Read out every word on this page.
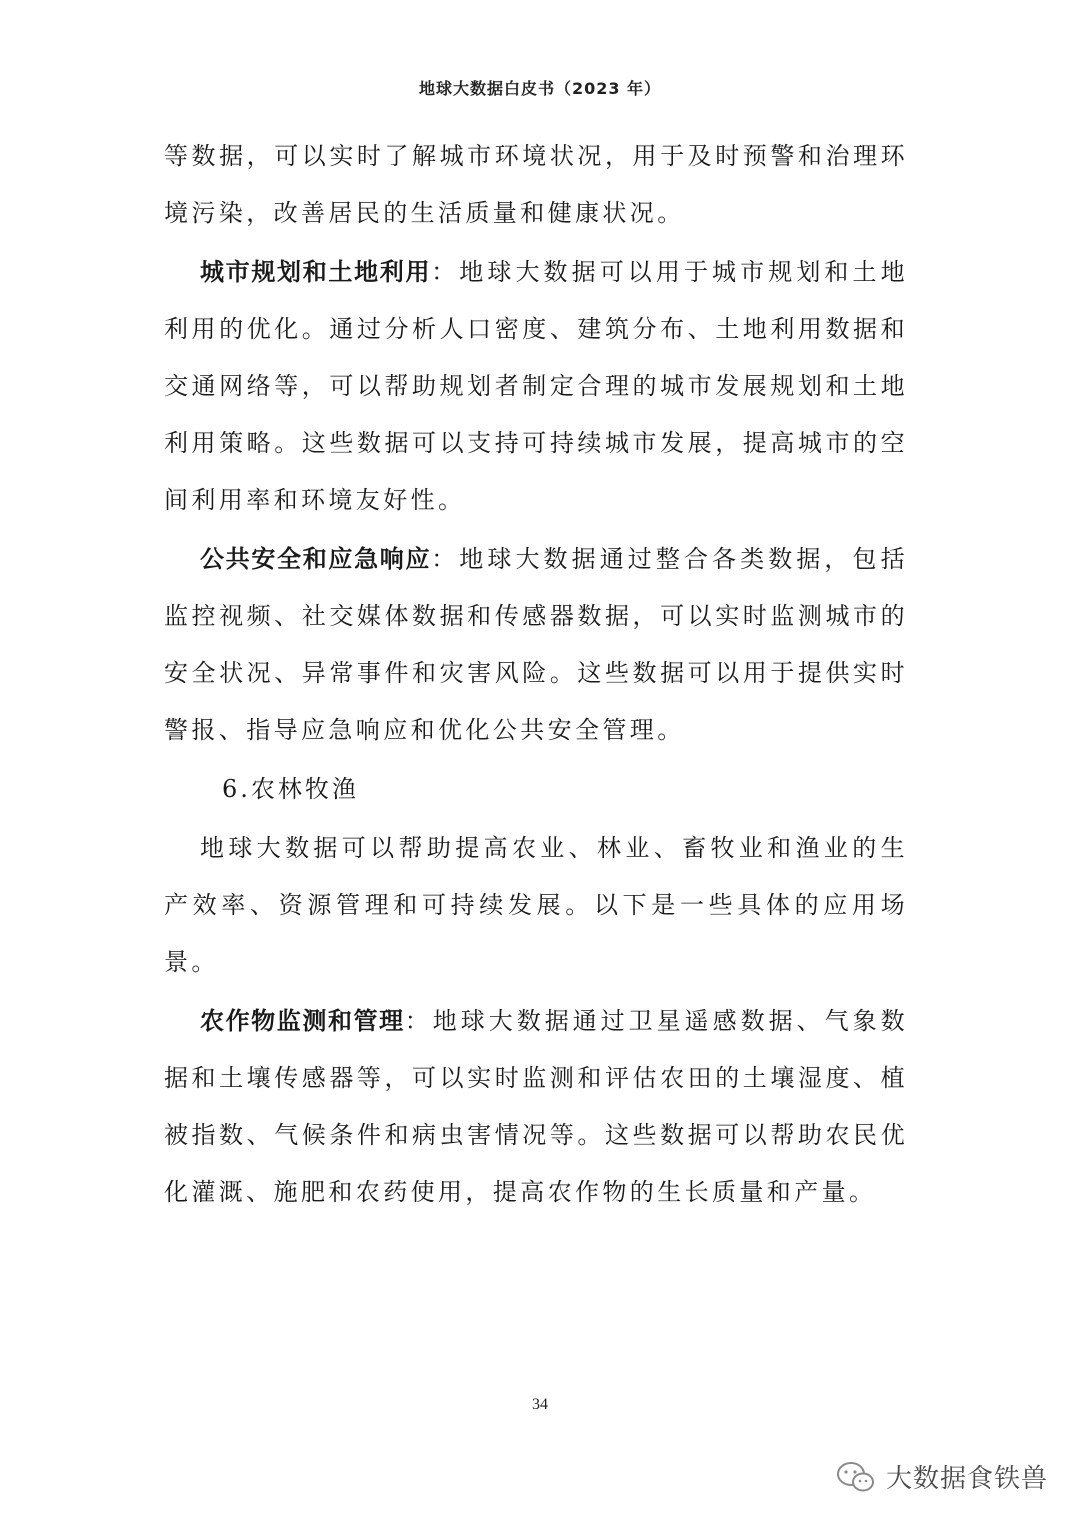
地球大数据白皮书（2023 年）

等数据，可以实时了解城市环境状况，用于及时预警和治理环境污染，改善居民的生活质量和健康状况。

城市规划和土地利用：地球大数据可以用于城市规划和土地利用的优化。通过分析人口密度、建筑分布、土地利用数据和交通网络等，可以帮助规划者制定合理的城市发展规划和土地利用策略。这些数据可以支持可持续城市发展，提高城市的空间利用率和环境友好性。

公共安全和应急响应：地球大数据通过整合各类数据，包括监控视频、社交媒体数据和传感器数据，可以实时监测城市的安全状况、异常事件和灾害风险。这些数据可以用于提供实时警报、指导应急响应和优化公共安全管理。

6.农林牧渔

地球大数据可以帮助提高农业、林业、畜牧业和渔业的生产效率、资源管理和可持续发展。以下是一些具体的应用场景。

农作物监测和管理：地球大数据通过卫星遥感数据、气象数据和土壤传感器等，可以实时监测和评估农田的土壤湿度、植被指数、气候条件和病虫害情况等。这些数据可以帮助农民优化灌溉、施肥和农药使用，提高农作物的生长质量和产量。

34
大数据食铁兽
